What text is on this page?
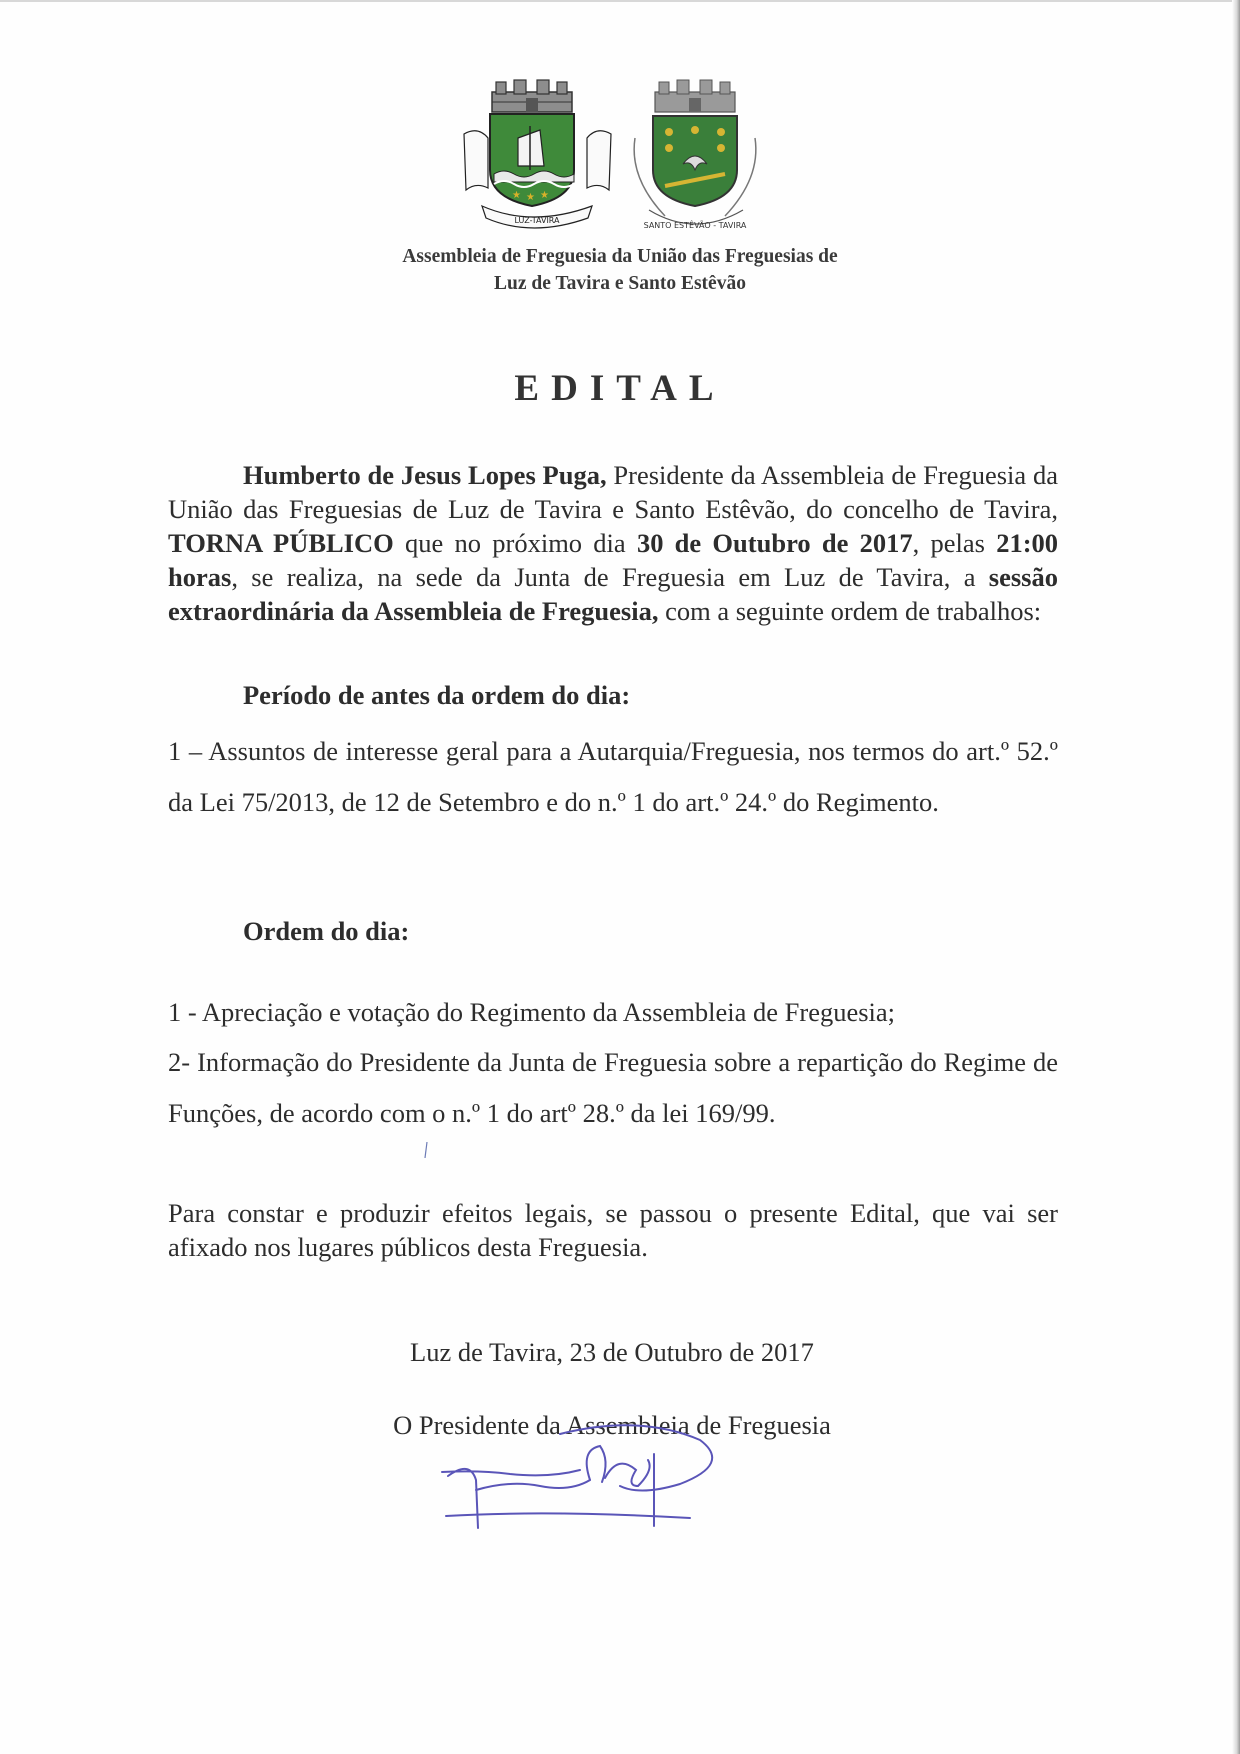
★ ★ ★
LUZ-TAVIRA
SANTO ESTÊVÃO - TAVIRA
Assembleia de Freguesia da União das Freguesias de
Luz de Tavira e Santo Estêvão
EDITAL
Humberto de Jesus Lopes Puga, Presidente da Assembleia de Freguesia da União das Freguesias de Luz de Tavira e Santo Estêvão, do concelho de Tavira, TORNA PÚBLICO que no próximo dia 30 de Outubro de 2017, pelas 21:00 horas, se realiza, na sede da Junta de Freguesia em Luz de Tavira, a sessão extraordinária da Assembleia de Freguesia, com a seguinte ordem de trabalhos:
Período de antes da ordem do dia:
1 – Assuntos de interesse geral para a Autarquia/Freguesia, nos termos do art.º 52.º da Lei 75/2013, de 12 de Setembro e do n.º 1 do art.º 24.º do Regimento.
Ordem do dia:
1 - Apreciação e votação do Regimento da Assembleia de Freguesia;
2- Informação do Presidente da Junta de Freguesia sobre a repartição do Regime de Funções, de acordo com o n.º 1 do artº 28.º da lei 169/99.
Para constar e produzir efeitos legais, se passou o presente Edital, que vai ser afixado nos lugares públicos desta Freguesia.
Luz de Tavira, 23 de Outubro de 2017
O Presidente da Assembleia de Freguesia
